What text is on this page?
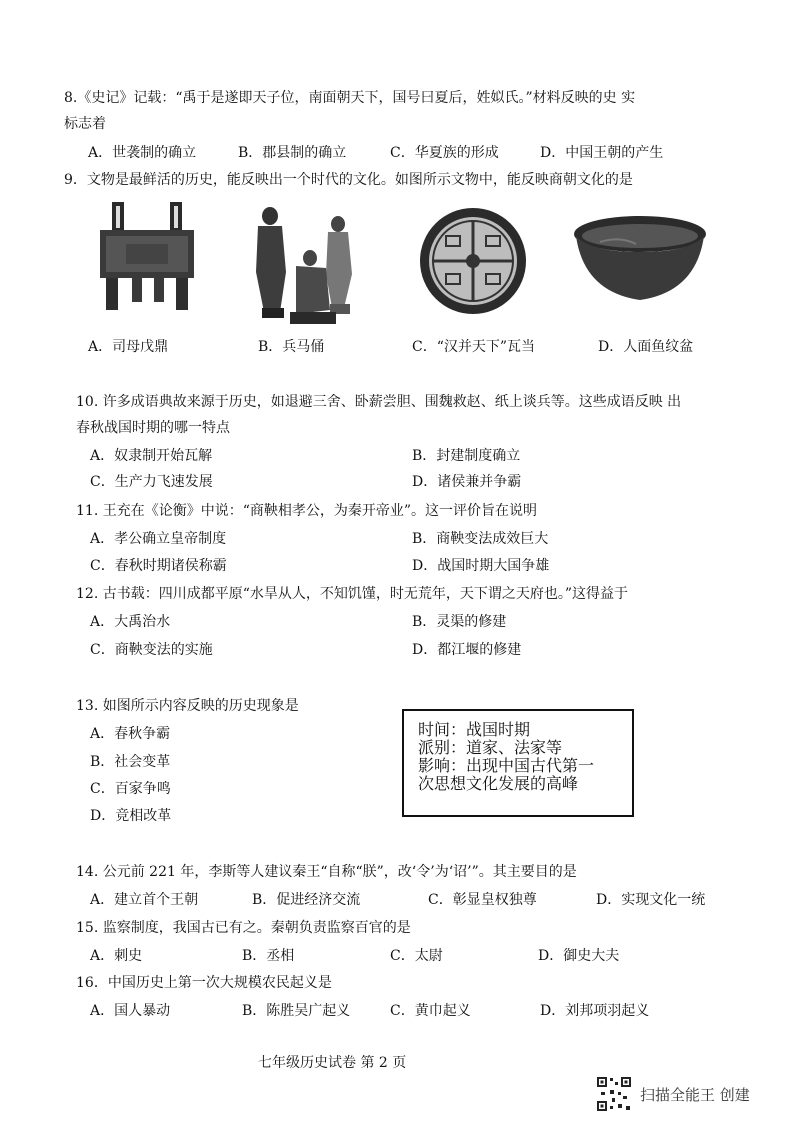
8.《史记》记载：“禹于是遂即天子位，南面朝天下，国号曰夏后，姓姒氏。”材料反映的史 实
标志着
A．世袭制的确立	B．郡县制的确立	C．华夏族的形成	D．中国王朝的产生
9．文物是最鲜活的历史，能反映出一个时代的文化。如图所示文物中，能反映商朝文化的是
A．司母戊鼎	B．兵马俑	C．“汉并天下”瓦当	D．人面鱼纹盆
10. 许多成语典故来源于历史，如退避三舍、卧薪尝胆、围魏救赵、纸上谈兵等。这些成语反映 出
春秋战国时期的哪一特点
A．奴隶制开始瓦解	B．封建制度确立
C．生产力飞速发展	D．诸侯兼并争霸
11. 王充在《论衡》中说：“商鞅相孝公，为秦开帝业”。这一评价旨在说明
A．孝公确立皇帝制度	B．商鞅变法成效巨大
C．春秋时期诸侯称霸	D．战国时期大国争雄
12. 古书载：四川成都平原“水旱从人，不知饥馑，时无荒年，天下谓之天府也。”这得益于
A．大禹治水	B．灵渠的修建
C．商鞅变法的实施	D．都江堰的修建
13. 如图所示内容反映的历史现象是
A．春秋争霸
B．社会变革
C．百家争鸣
D．竞相改革
时间：战国时期
派别：道家、法家等
影响：出现中国古代第一
次思想文化发展的高峰
14. 公元前 221 年，李斯等人建议秦王“自称“朕”，改‘令’为‘诏’”。其主要目的是
A．建立首个王朝	B．促进经济交流	C．彰显皇权独尊	D．实现文化一统
15. 监察制度，我国古已有之。秦朝负责监察百官的是
A．刺史	B．丞相	C．太尉	D．御史大夫
16．中国历史上第一次大规模农民起义是
A．国人暴动	B．陈胜吴广起义	C．黄巾起义	D．刘邦项羽起义
七年级历史试卷 第 2 页
扫描全能王 创建
